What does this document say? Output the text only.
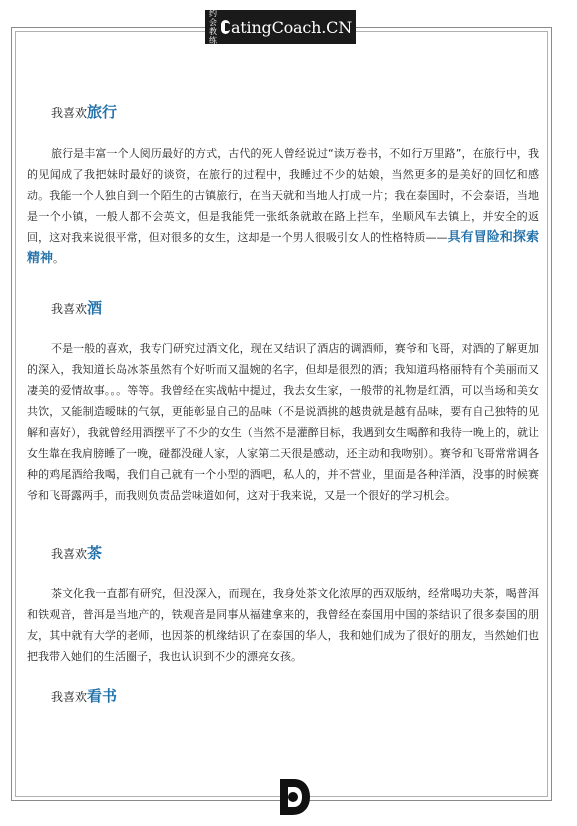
约会
教练
atingCoach.CN

我喜欢旅行

旅行是丰富一个人阅历最好的方式，古代的死人曾经说过“读万卷书，不如行万里路”，在旅行中，我的见闻成了我把妹时最好的谈资，在旅行的过程中，我睡过不少的姑娘，当然更多的是美好的回忆和感动。我能一个人独自到一个陌生的古镇旅行，在当天就和当地人打成一片；我在泰国时，不会泰语，当地是一个小镇，一般人都不会英文，但是我能凭一张纸条就敢在路上拦车，坐顺风车去镇上，并安全的返回，这对我来说很平常，但对很多的女生，这却是一个男人很吸引女人的性格特质——具有冒险和探索精神。

我喜欢酒

不是一般的喜欢，我专门研究过酒文化，现在又结识了酒店的调酒师，赛爷和飞哥，对酒的了解更加的深入，我知道长岛冰茶虽然有个好听而又温婉的名字，但却是很烈的酒；我知道玛格丽特有个美丽而又凄美的爱情故事。。。等等。我曾经在实战帖中提过，我去女生家，一般带的礼物是红酒，可以当场和美女共饮，又能制造暧昧的气氛，更能彰显自己的品味（不是说酒挑的越贵就是越有品味，要有自己独特的见解和喜好），我就曾经用酒摆平了不少的女生（当然不是灌醉目标，我遇到女生喝醉和我待一晚上的，就让女生靠在我肩膀睡了一晚，碰都没碰人家，人家第二天很是感动，还主动和我吻别）。赛爷和飞哥常常调各种的鸡尾酒给我喝，我们自己就有一个小型的酒吧，私人的，并不营业，里面是各种洋酒，没事的时候赛爷和飞哥露两手，而我则负责品尝味道如何，这对于我来说，又是一个很好的学习机会。

我喜欢茶

茶文化我一直都有研究，但没深入，而现在，我身处茶文化浓厚的西双版纳，经常喝功夫茶，喝普洱和铁观音，普洱是当地产的，铁观音是同事从福建拿来的，我曾经在泰国用中国的茶结识了很多泰国的朋友，其中就有大学的老师，也因茶的机缘结识了在泰国的华人，我和她们成为了很好的朋友，当然她们也把我带入她们的生活圈子，我也认识到不少的漂亮女孩。

我喜欢看书
